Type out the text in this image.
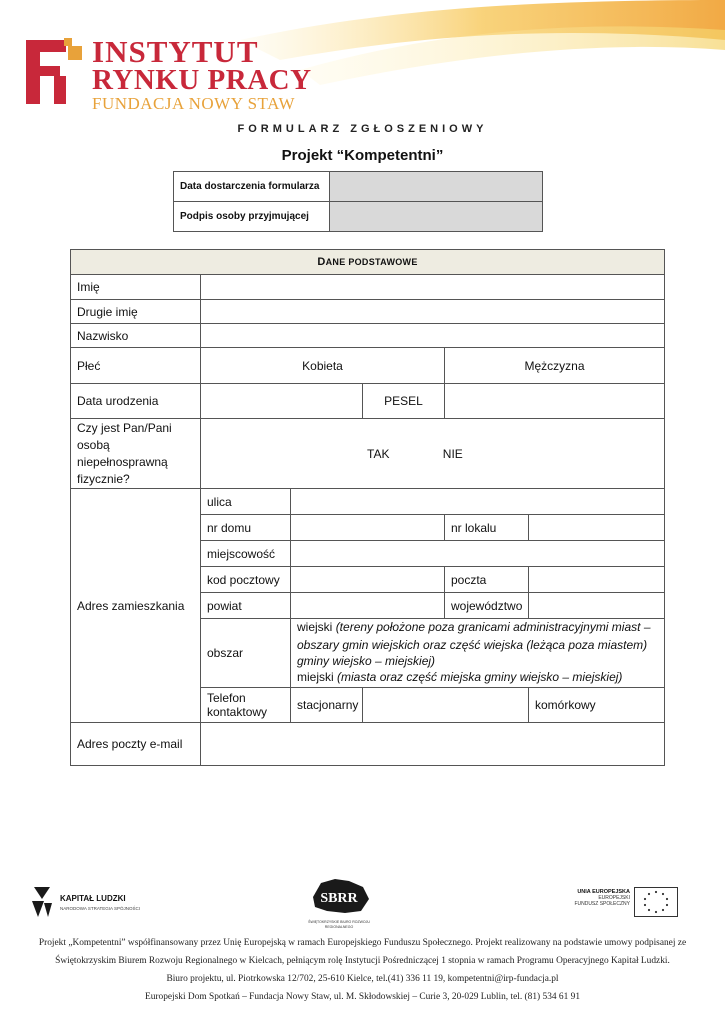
INSTYTUT
RYNKU PRACY
FUNDACJA NOWY STAW
FORMULARZ ZGŁOSZENIOWY
Projekt “Kompetentni”
Data dostarczenia formularza	
Podpis osoby przyjmującej	
DANE PODSTAWOWE						
Imię						
Drugie imię						
Nazwisko						
Płeć	Kobieta			Mężczyzna		

Data urodzenia			PESEL			
Czy jest Pan/Pani osobą niepełnosprawną fizycznie?	TAK NIE					
Adres zamieszkania	ulica					
	nr domu			nr lokalu		
	miejscowość					
	kod pocztowy			poczta		
	powiat			województwo		
	obszar	wiejski (tereny położone poza granicami administracyjnymi miast – obszary gmin wiejskich oraz część wiejska (leżąca poza miastem) gminy wiejsko – miejskiej)
miejski (miasta oraz część miejska gminy wiejsko – miejskiej)				

	Telefon kontaktowy	stacjonarny			komórkowy	
Adres poczty e-mail						
KAPITAŁ LUDZKI
NARODOWA STRATEGIA SPÓJNOŚCI
SBRR
ŚWIĘTOKRZYSKIE BIURO ROZWOJU REGIONALNEGO
UNIA EUROPEJSKA
EUROPEJSKI
FUNDUSZ SPOŁECZNY
Projekt „Kompetentni” współfinansowany przez Unię Europejską w ramach Europejskiego Funduszu Społecznego. Projekt realizowany na podstawie umowy podpisanej ze
Świętokrzyskim Biurem Rozwoju Regionalnego w Kielcach, pełniącym rolę Instytucji Pośredniczącej 1 stopnia w ramach Programu Operacyjnego Kapitał Ludzki.
Biuro projektu, ul. Piotrkowska 12/702, 25-610 Kielce, tel.(41) 336 11 19, kompetentni@irp-fundacja.pl
Europejski Dom Spotkań – Fundacja Nowy Staw, ul. M. Skłodowskiej – Curie 3, 20-029 Lublin, tel. (81) 534 61 91
